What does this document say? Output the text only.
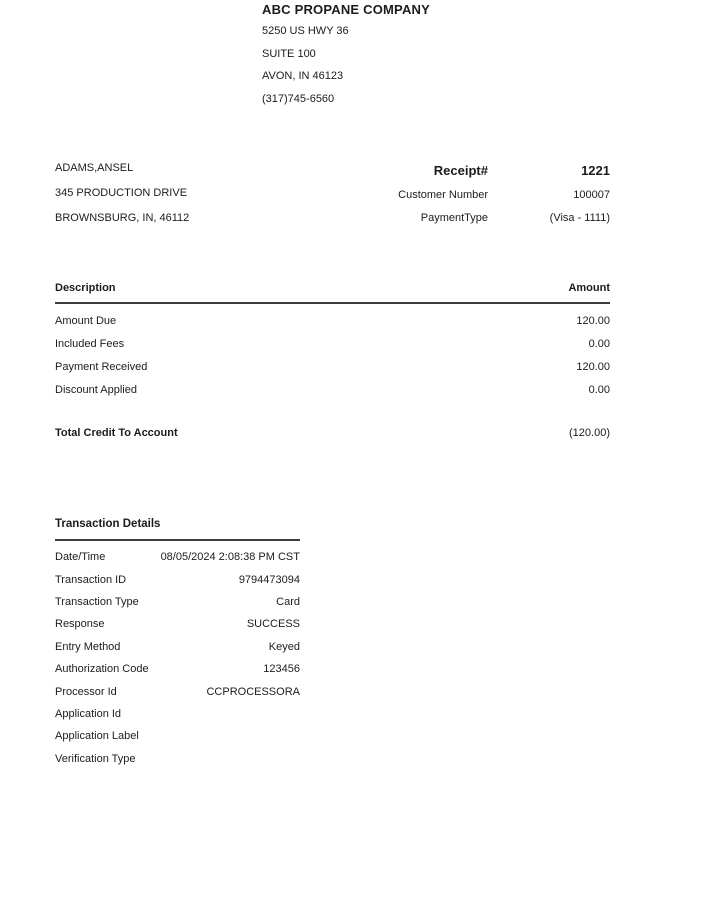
ABC PROPANE COMPANY
5250 US HWY 36
SUITE 100
AVON, IN 46123
(317)745-6560
ADAMS,ANSEL
345 PRODUCTION DRIVE
BROWNSBURG, IN, 46112
Receipt#	1221
Customer Number	100007
PaymentType	(Visa - 1111)
Description	Amount
Amount Due	120.00
Included Fees	0.00
Payment Received	120.00
Discount Applied	0.00
Total Credit To Account	(120.00)
Transaction Details
Date/Time	08/05/2024 2:08:38 PM CST
Transaction ID	9794473094
Transaction Type	Card
Response	SUCCESS
Entry Method	Keyed
Authorization Code	123456
Processor Id	CCPROCESSORA
Application Id
Application Label
Verification Type
